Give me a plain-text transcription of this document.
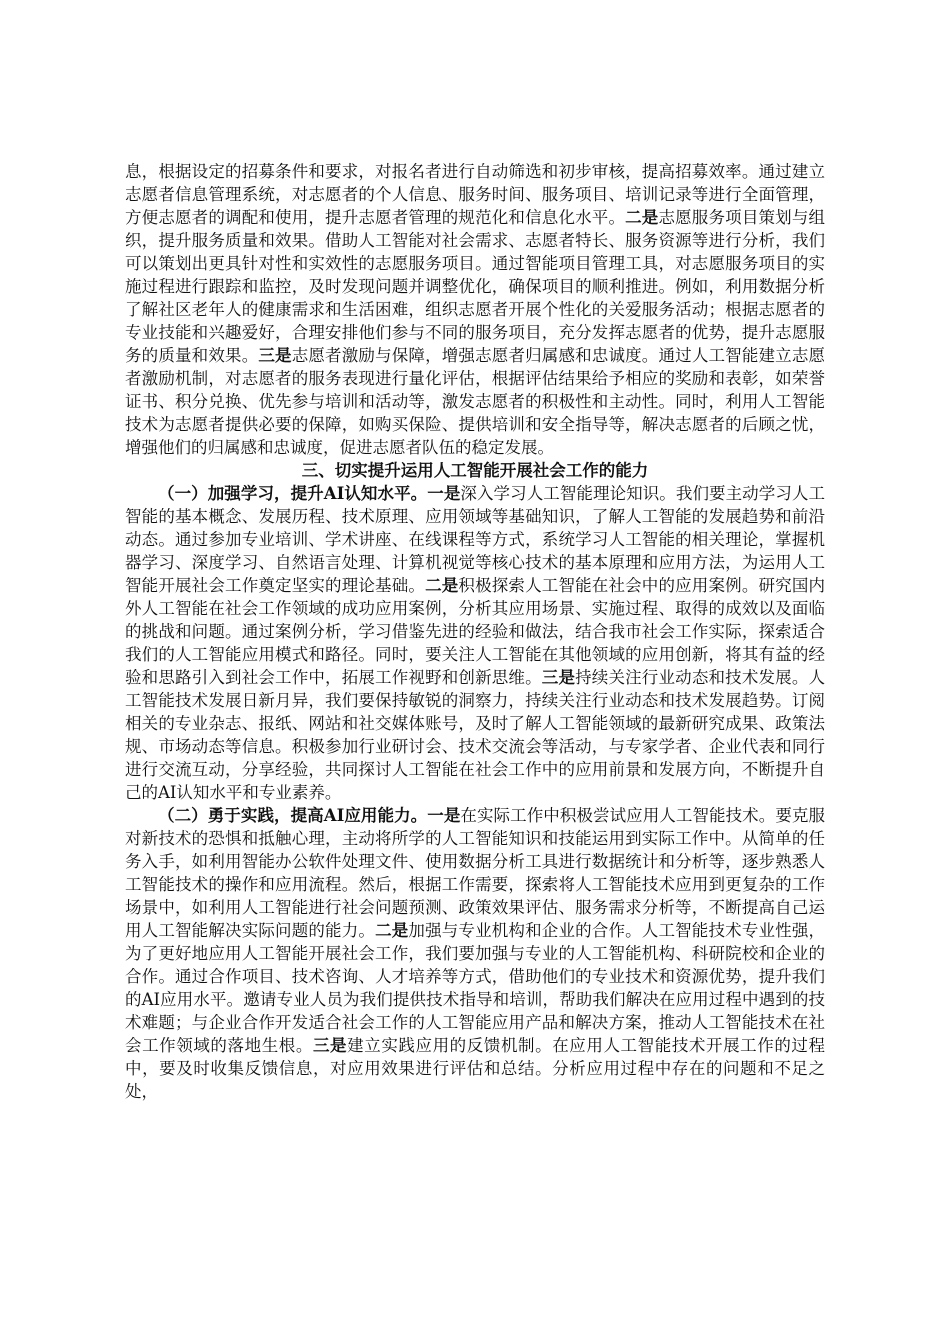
息，根据设定的招募条件和要求，对报名者进行自动筛选和初步审核，提高招募效率。通过建立志愿者信息管理系统，对志愿者的个人信息、服务时间、服务项目、培训记录等进行全面管理，方便志愿者的调配和使用，提升志愿者管理的规范化和信息化水平。二是志愿服务项目策划与组织，提升服务质量和效果。借助人工智能对社会需求、志愿者特长、服务资源等进行分析，我们可以策划出更具针对性和实效性的志愿服务项目。通过智能项目管理工具，对志愿服务项目的实施过程进行跟踪和监控，及时发现问题并调整优化，确保项目的顺利推进。例如，利用数据分析了解社区老年人的健康需求和生活困难，组织志愿者开展个性化的关爱服务活动；根据志愿者的专业技能和兴趣爱好，合理安排他们参与不同的服务项目，充分发挥志愿者的优势，提升志愿服务的质量和效果。三是志愿者激励与保障，增强志愿者归属感和忠诚度。通过人工智能建立志愿者激励机制，对志愿者的服务表现进行量化评估，根据评估结果给予相应的奖励和表彰，如荣誉证书、积分兑换、优先参与培训和活动等，激发志愿者的积极性和主动性。同时，利用人工智能技术为志愿者提供必要的保障，如购买保险、提供培训和安全指导等，解决志愿者的后顾之忧，增强他们的归属感和忠诚度，促进志愿者队伍的稳定发展。

三、切实提升运用人工智能开展社会工作的能力

（一）加强学习，提升AI认知水平。一是深入学习人工智能理论知识。我们要主动学习人工智能的基本概念、发展历程、技术原理、应用领域等基础知识，了解人工智能的发展趋势和前沿动态。通过参加专业培训、学术讲座、在线课程等方式，系统学习人工智能的相关理论，掌握机器学习、深度学习、自然语言处理、计算机视觉等核心技术的基本原理和应用方法，为运用人工智能开展社会工作奠定坚实的理论基础。二是积极探索人工智能在社会中的应用案例。研究国内外人工智能在社会工作领域的成功应用案例，分析其应用场景、实施过程、取得的成效以及面临的挑战和问题。通过案例分析，学习借鉴先进的经验和做法，结合我市社会工作实际，探索适合我们的人工智能应用模式和路径。同时，要关注人工智能在其他领域的应用创新，将其有益的经验和思路引入到社会工作中，拓展工作视野和创新思维。三是持续关注行业动态和技术发展。人工智能技术发展日新月异，我们要保持敏锐的洞察力，持续关注行业动态和技术发展趋势。订阅相关的专业杂志、报纸、网站和社交媒体账号，及时了解人工智能领域的最新研究成果、政策法规、市场动态等信息。积极参加行业研讨会、技术交流会等活动，与专家学者、企业代表和同行进行交流互动，分享经验，共同探讨人工智能在社会工作中的应用前景和发展方向，不断提升自己的AI认知水平和专业素养。

（二）勇于实践，提高AI应用能力。一是在实际工作中积极尝试应用人工智能技术。要克服对新技术的恐惧和抵触心理，主动将所学的人工智能知识和技能运用到实际工作中。从简单的任务入手，如利用智能办公软件处理文件、使用数据分析工具进行数据统计和分析等，逐步熟悉人工智能技术的操作和应用流程。然后，根据工作需要，探索将人工智能技术应用到更复杂的工作场景中，如利用人工智能进行社会问题预测、政策效果评估、服务需求分析等，不断提高自己运用人工智能解决实际问题的能力。二是加强与专业机构和企业的合作。人工智能技术专业性强，为了更好地应用人工智能开展社会工作，我们要加强与专业的人工智能机构、科研院校和企业的合作。通过合作项目、技术咨询、人才培养等方式，借助他们的专业技术和资源优势，提升我们的AI应用水平。邀请专业人员为我们提供技术指导和培训，帮助我们解决在应用过程中遇到的技术难题；与企业合作开发适合社会工作的人工智能应用产品和解决方案，推动人工智能技术在社会工作领域的落地生根。三是建立实践应用的反馈机制。在应用人工智能技术开展工作的过程中，要及时收集反馈信息，对应用效果进行评估和总结。分析应用过程中存在的问题和不足之处，
